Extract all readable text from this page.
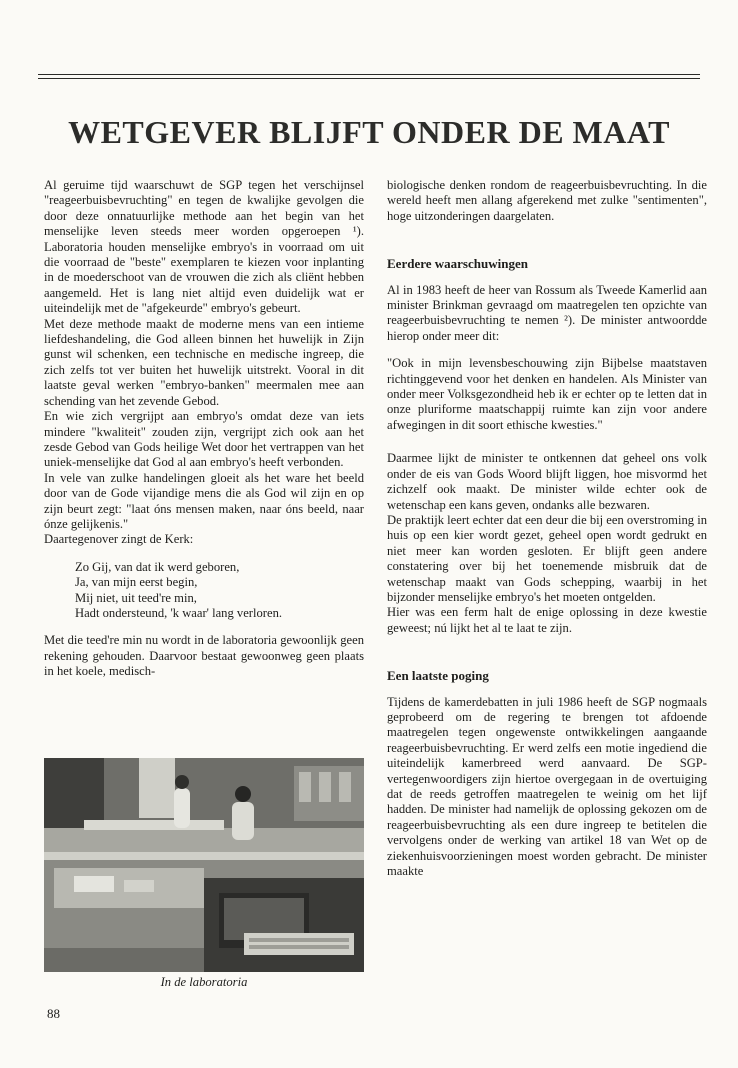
WETGEVER BLIJFT ONDER DE MAAT

Al geruime tijd waarschuwt de SGP tegen het verschijnsel "reageerbuisbevruchting" en tegen de kwalijke gevolgen die door deze onnatuurlijke methode aan het begin van het menselijke leven steeds meer worden opgeroepen ¹). Laboratoria houden menselijke embryo's in voorraad om uit die voorraad de "beste" exemplaren te kiezen voor inplanting in de moederschoot van de vrouwen die zich als cliënt hebben aangemeld. Het is lang niet altijd even duidelijk wat er uiteindelijk met de "afgekeurde" embryo's gebeurt.

Met deze methode maakt de moderne mens van een intieme liefdeshandeling, die God alleen binnen het huwelijk in Zijn gunst wil schenken, een technische en medische ingreep, die zich zelfs tot ver buiten het huwelijk uitstrekt. Vooral in dit laatste geval werken "embryo-banken" meermalen mee aan schending van het zevende Gebod.

En wie zich vergrijpt aan embryo's omdat deze van iets mindere "kwaliteit" zouden zijn, vergrijpt zich ook aan het zesde Gebod van Gods heilige Wet door het vertrappen van het uniek-menselijke dat God al aan embryo's heeft verbonden.

In vele van zulke handelingen gloeit als het ware het beeld door van de Gode vijandige mens die als God wil zijn en op zijn beurt zegt: "laat óns mensen maken, naar óns beeld, naar ónze gelijkenis."

Daartegenover zingt de Kerk:

Zo Gij, van dat ik werd geboren,
Ja, van mijn eerst begin,
Mij niet, uit teed're min,
Hadt ondersteund, 'k waar' lang verloren.

Met die teed're min nu wordt in de laboratoria gewoonlijk geen rekening gehouden. Daarvoor bestaat gewoonweg geen plaats in het koele, medisch-

In de laboratoria
88

biologische denken rondom de reageerbuisbevruchting. In die wereld heeft men allang afgerekend met zulke "sentimenten", hoge uitzonderingen daargelaten.

Eerdere waarschuwingen

Al in 1983 heeft de heer van Rossum als Tweede Kamerlid aan minister Brinkman gevraagd om maatregelen ten opzichte van reageerbuisbevruchting te nemen ²). De minister antwoordde hierop onder meer dit:

"Ook in mijn levensbeschouwing zijn Bijbelse maatstaven richtinggevend voor het denken en handelen. Als Minister van onder meer Volksgezondheid heb ik er echter op te letten dat in onze pluriforme maatschappij ruimte kan zijn voor andere afwegingen in dit soort ethische kwesties."

Daarmee lijkt de minister te ontkennen dat geheel ons volk onder de eis van Gods Woord blijft liggen, hoe misvormd het zichzelf ook maakt. De minister wilde echter ook de wetenschap een kans geven, ondanks alle bezwaren.

De praktijk leert echter dat een deur die bij een overstroming in huis op een kier wordt gezet, geheel open wordt gedrukt en niet meer kan worden gesloten. Er blijft geen andere constatering over bij het toenemende misbruik dat de wetenschap maakt van Gods schepping, waarbij in het bijzonder menselijke embryo's het moeten ontgelden.

Hier was een ferm halt de enige oplossing in deze kwestie geweest; nú lijkt het al te laat te zijn.

Een laatste poging

Tijdens de kamerdebatten in juli 1986 heeft de SGP nogmaals geprobeerd om de regering te brengen tot afdoende maatregelen tegen ongewenste ontwikkelingen aangaande reageerbuisbevruchting. Er werd zelfs een motie ingediend die uiteindelijk kamerbreed werd aanvaard. De SGP-vertegenwoordigers zijn hiertoe overgegaan in de overtuiging dat de reeds getroffen maatregelen te weinig om het lijf hadden. De minister had namelijk de oplossing gekozen om de reageerbuisbevruchting als een dure ingreep te betitelen die vervolgens onder de werking van artikel 18 van Wet op de ziekenhuisvoorzieningen moest worden gebracht. De minister maakte
